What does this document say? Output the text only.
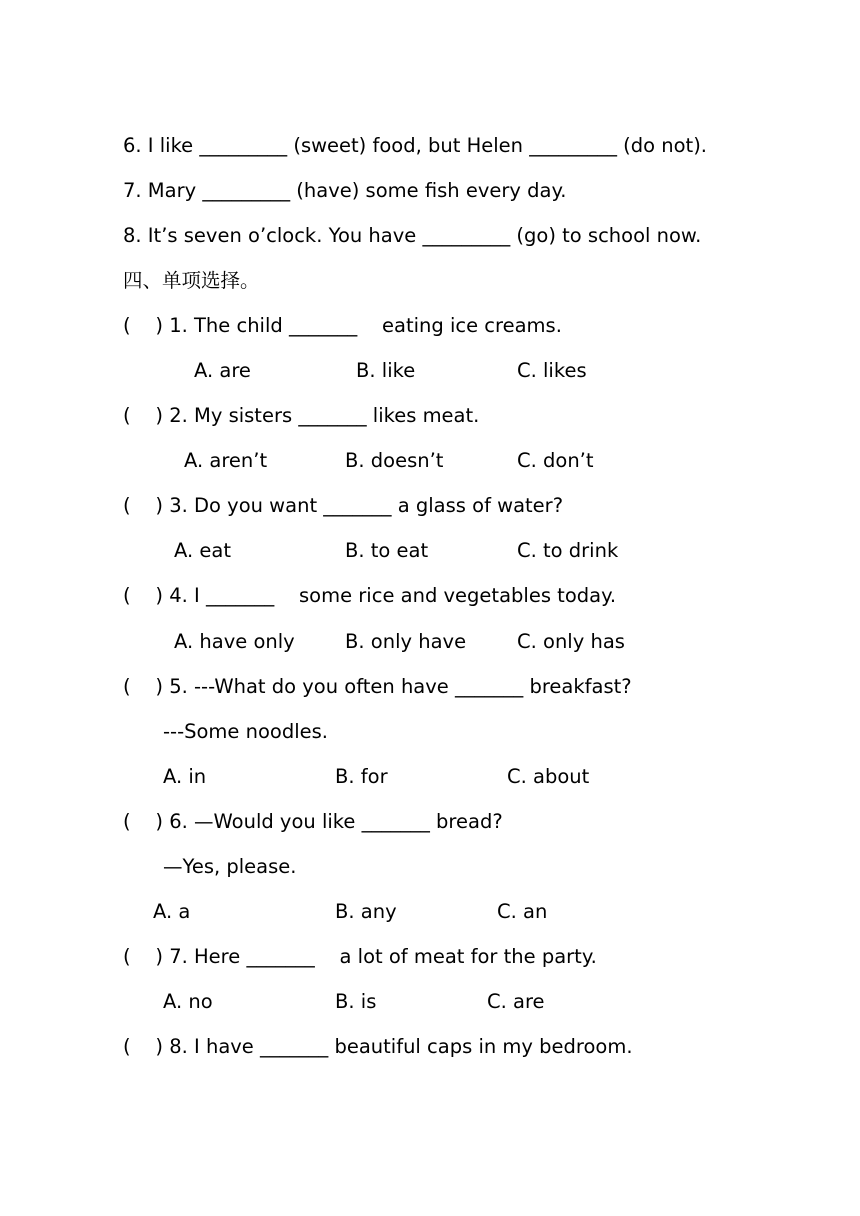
6. I like _________ (sweet) food, but Helen _________ (do not).
7. Mary _________ (have) some fish every day.
8. It’s seven o’clock. You have _________ (go) to school now.
四、单项选择。
(    ) 1. The child _______    eating ice creams.
A. are	B. like	C. likes
(    ) 2. My sisters _______ likes meat.
A. aren’t	B. doesn’t	C. don’t
(    ) 3. Do you want _______ a glass of water?
A. eat	B. to eat	C. to drink
(    ) 4. I _______    some rice and vegetables today.
A. have only	B. only have	C. only has
(    ) 5. ---What do you often have _______ breakfast?
---Some noodles.
A. in	B. for	C. about
(    ) 6. —Would you like _______ bread?
—Yes, please.
A. a	B. any	C. an
(    ) 7. Here _______    a lot of meat for the party.
A. no	B. is	C. are
(    ) 8. I have _______ beautiful caps in my bedroom.
